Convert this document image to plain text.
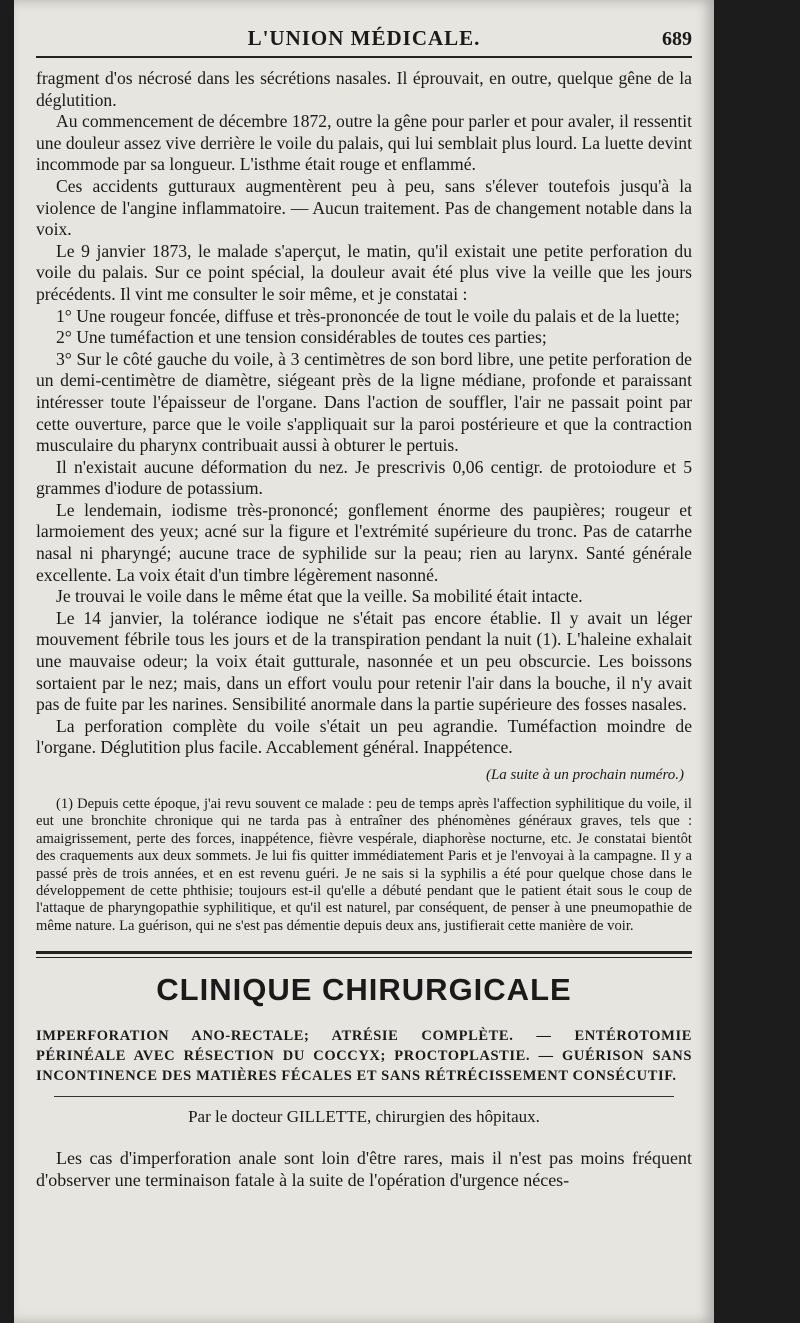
L'UNION MÉDICALE.	689

fragment d'os nécrosé dans les sécrétions nasales. Il éprouvait, en outre, quelque gêne de la déglutition.

Au commencement de décembre 1872, outre la gêne pour parler et pour avaler, il ressentit une douleur assez vive derrière le voile du palais, qui lui semblait plus lourd. La luette devint incommode par sa longueur. L'isthme était rouge et enflammé.

Ces accidents gutturaux augmentèrent peu à peu, sans s'élever toutefois jusqu'à la violence de l'angine inflammatoire. — Aucun traitement. Pas de changement notable dans la voix.

Le 9 janvier 1873, le malade s'aperçut, le matin, qu'il existait une petite perforation du voile du palais. Sur ce point spécial, la douleur avait été plus vive la veille que les jours précédents. Il vint me consulter le soir même, et je constatai :

1° Une rougeur foncée, diffuse et très-prononcée de tout le voile du palais et de la luette;

2° Une tuméfaction et une tension considérables de toutes ces parties;

3° Sur le côté gauche du voile, à 3 centimètres de son bord libre, une petite perforation de un demi-centimètre de diamètre, siégeant près de la ligne médiane, profonde et paraissant intéresser toute l'épaisseur de l'organe. Dans l'action de souffler, l'air ne passait point par cette ouverture, parce que le voile s'appliquait sur la paroi postérieure et que la contraction musculaire du pharynx contribuait aussi à obturer le pertuis.

Il n'existait aucune déformation du nez. Je prescrivis 0,06 centigr. de protoiodure et 5 grammes d'iodure de potassium.

Le lendemain, iodisme très-prononcé; gonflement énorme des paupières; rougeur et larmoiement des yeux; acné sur la figure et l'extrémité supérieure du tronc. Pas de catarrhe nasal ni pharyngé; aucune trace de syphilide sur la peau; rien au larynx. Santé générale excellente. La voix était d'un timbre légèrement nasonné.

Je trouvai le voile dans le même état que la veille. Sa mobilité était intacte.

Le 14 janvier, la tolérance iodique ne s'était pas encore établie. Il y avait un léger mouvement fébrile tous les jours et de la transpiration pendant la nuit (1). L'haleine exhalait une mauvaise odeur; la voix était gutturale, nasonnée et un peu obscurcie. Les boissons sortaient par le nez; mais, dans un effort voulu pour retenir l'air dans la bouche, il n'y avait pas de fuite par les narines. Sensibilité anormale dans la partie supérieure des fosses nasales.

La perforation complète du voile s'était un peu agrandie. Tuméfaction moindre de l'organe. Déglutition plus facile. Accablement général. Inappétence.

(La suite à un prochain numéro.)

(1) Depuis cette époque, j'ai revu souvent ce malade : peu de temps après l'affection syphilitique du voile, il eut une bronchite chronique qui ne tarda pas à entraîner des phénomènes généraux graves, tels que : amaigrissement, perte des forces, inappétence, fièvre vespérale, diaphorèse nocturne, etc. Je constatai bientôt des craquements aux deux sommets. Je lui fis quitter immédiatement Paris et je l'envoyai à la campagne. Il y a passé près de trois années, et en est revenu guéri. Je ne sais si la syphilis a été pour quelque chose dans le développement de cette phthisie; toujours est-il qu'elle a débuté pendant que le patient était sous le coup de l'attaque de pharyngopathie syphilitique, et qu'il est naturel, par conséquent, de penser à une pneumopathie de même nature. La guérison, qui ne s'est pas démentie depuis deux ans, justifierait cette manière de voir.

CLINIQUE CHIRURGICALE
IMPERFORATION ANO-RECTALE; ATRÉSIE COMPLÈTE. — ENTÉROTOMIE PÉRINÉALE AVEC RÉSECTION DU COCCYX; PROCTOPLASTIE. — GUÉRISON SANS INCONTINENCE DES MATIÈRES FÉCALES ET SANS RÉTRÉCISSEMENT CONSÉCUTIF.
Par le docteur GILLETTE, chirurgien des hôpitaux.

Les cas d'imperforation anale sont loin d'être rares, mais il n'est pas moins fréquent d'observer une terminaison fatale à la suite de l'opération d'urgence néces-
